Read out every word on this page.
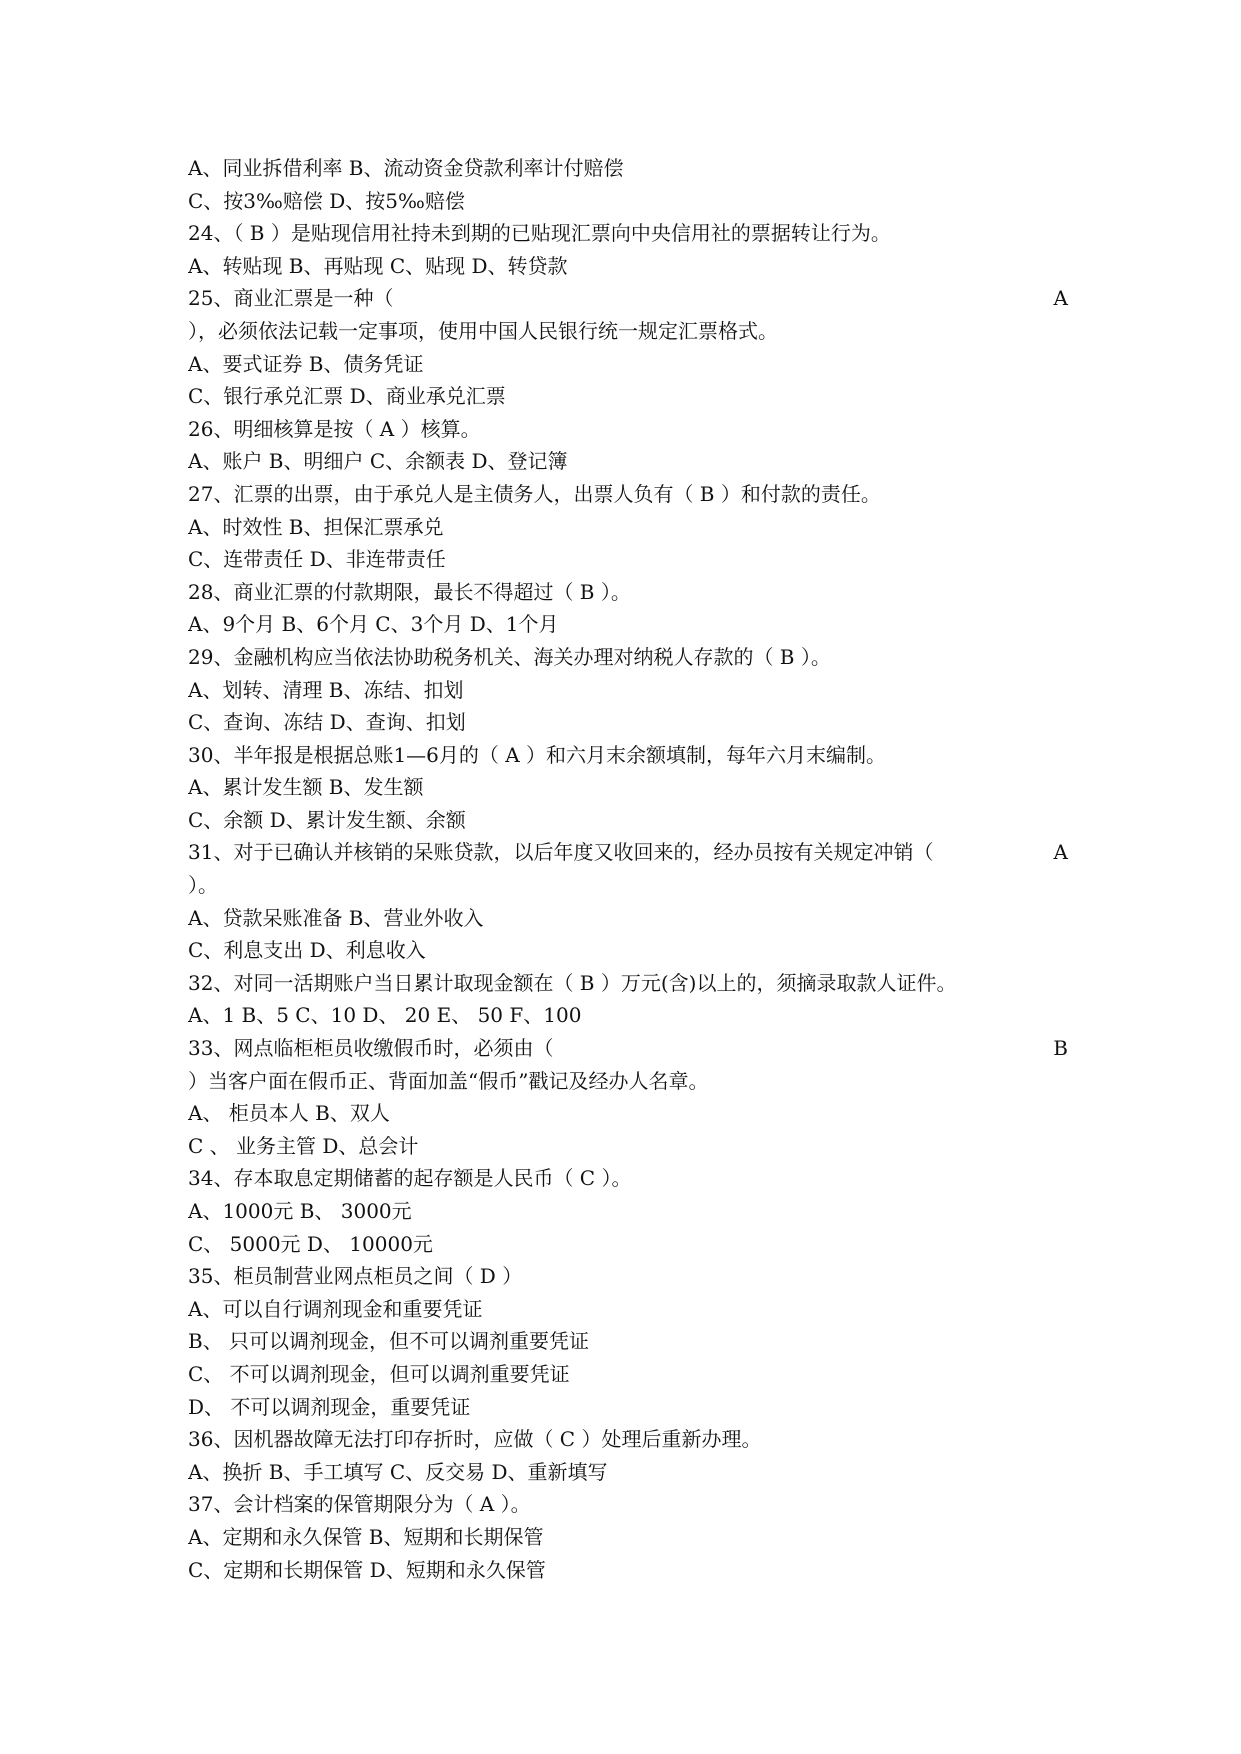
A、同业拆借利率 B、流动资金贷款利率计付赔偿
C、按3‰赔偿 D、按5‰赔偿
24、（ B ）是贴现信用社持未到期的已贴现汇票向中央信用社的票据转让行为。
A、转贴现 B、再贴现 C、贴现 D、转贷款
25、商业汇票是一种（	A
），必须依法记载一定事项，使用中国人民银行统一规定汇票格式。
A、要式证券 B、债务凭证
C、银行承兑汇票 D、商业承兑汇票
26、明细核算是按（ A ）核算。
A、账户 B、明细户 C、余额表 D、登记簿
27、汇票的出票，由于承兑人是主债务人，出票人负有（ B ）和付款的责任。
A、时效性 B、担保汇票承兑
C、连带责任 D、非连带责任
28、商业汇票的付款期限，最长不得超过（ B ）。
A、9个月 B、6个月 C、3个月 D、1个月
29、金融机构应当依法协助税务机关、海关办理对纳税人存款的（ B ）。
A、划转、清理 B、冻结、扣划
C、查询、冻结 D、查询、扣划
30、半年报是根据总账1—6月的（ A ）和六月末余额填制，每年六月末编制。
A、累计发生额 B、发生额
C、余额 D、累计发生额、余额
31、对于已确认并核销的呆账贷款，以后年度又收回来的，经办员按有关规定冲销（	A
）。
A、贷款呆账准备 B、营业外收入
C、利息支出 D、利息收入
32、对同一活期账户当日累计取现金额在（ B ）万元(含)以上的，须摘录取款人证件。
A、1 B、5 C、10 D、 20 E、 50 F、100
33、网点临柜柜员收缴假币时，必须由（	B
）当客户面在假币正、背面加盖“假币”戳记及经办人名章。
A、 柜员本人 B、双人
C 、 业务主管 D、总会计
34、存本取息定期储蓄的起存额是人民币（ C ）。
A、1000元 B、 3000元
C、 5000元 D、 10000元
35、柜员制营业网点柜员之间（ D ）
A、可以自行调剂现金和重要凭证
B、 只可以调剂现金，但不可以调剂重要凭证
C、 不可以调剂现金，但可以调剂重要凭证
D、 不可以调剂现金，重要凭证
36、因机器故障无法打印存折时，应做（ C ）处理后重新办理。
A、换折 B、手工填写 C、反交易 D、重新填写
37、会计档案的保管期限分为（ A ）。
A、定期和永久保管 B、短期和长期保管
C、定期和长期保管 D、短期和永久保管
